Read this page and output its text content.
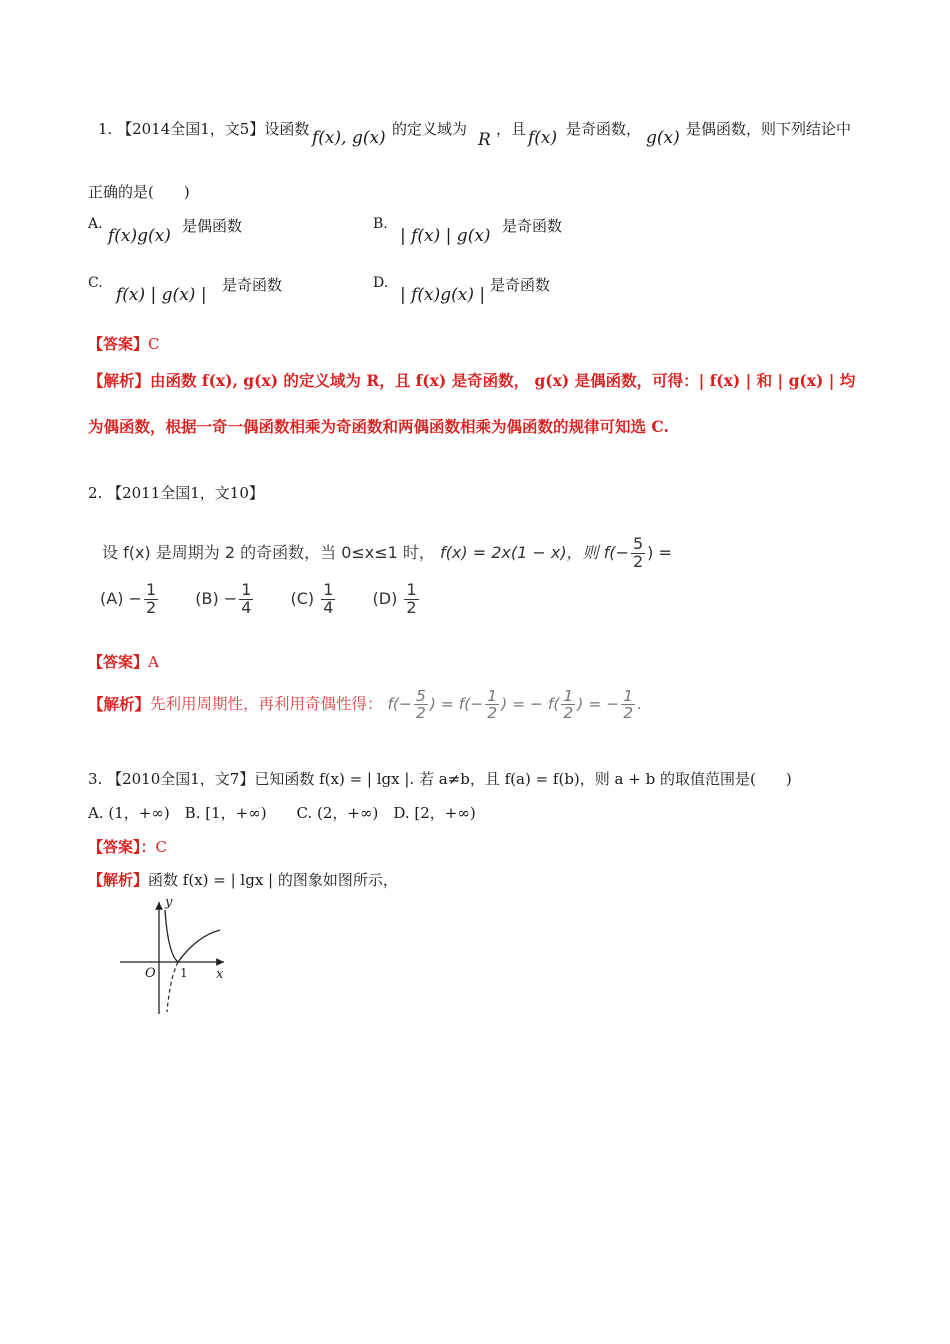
1. 【2014全国1，文5】设函数 f(x), g(x) 的定义域为
R
，且 f(x) 是奇函数， g(x) 是偶函数，则下列结论中
正确的是(　　)
A.
f(x)g(x) 是偶函数	B.
| f(x) | g(x) 是奇函数
C.
f(x) | g(x) | 是奇函数	D.
| f(x)g(x) | 是奇函数
【答案】C
【解析】由函数 f(x), g(x) 的定义域为 R，且 f(x) 是奇函数， g(x) 是偶函数，可得：| f(x) | 和 | g(x) | 均
为偶函数，根据一奇一偶函数相乘为奇函数和两偶函数相乘为偶函数的规律可知选 C.
2. 【2011全国1，文10】
设 f(x) 是周期为 2 的奇函数，当 0≤x≤1 时， f(x) = 2x(1 − x)，则 $f(- \frac{5}{2}$ ) =
$(A) - \frac{1}{2} (B) - \frac{1}{4} (C) \frac{1}{4} (D) \frac{1}{2}$
【答案】A
【解析】先利用周期性，再利用奇偶性得： $f(- \frac{5}{2}$ ) = $f(- \frac{1}{2}$ ) = − $f( \frac{1}{2}$ ) = − $\frac{1}{2}$ .
3. 【2010全国1，文7】已知函数 f(x) = | lgx |. 若 a≠b，且 f(a) = f(b)，则 a + b 的取值范围是(　　)
A. (1，+∞)　B. [1，+∞)　　C. (2，+∞)　D. [2，+∞)
【答案】：C
【解析】函数 f(x) = | lgx | 的图象如图所示，
y
x
O 1
